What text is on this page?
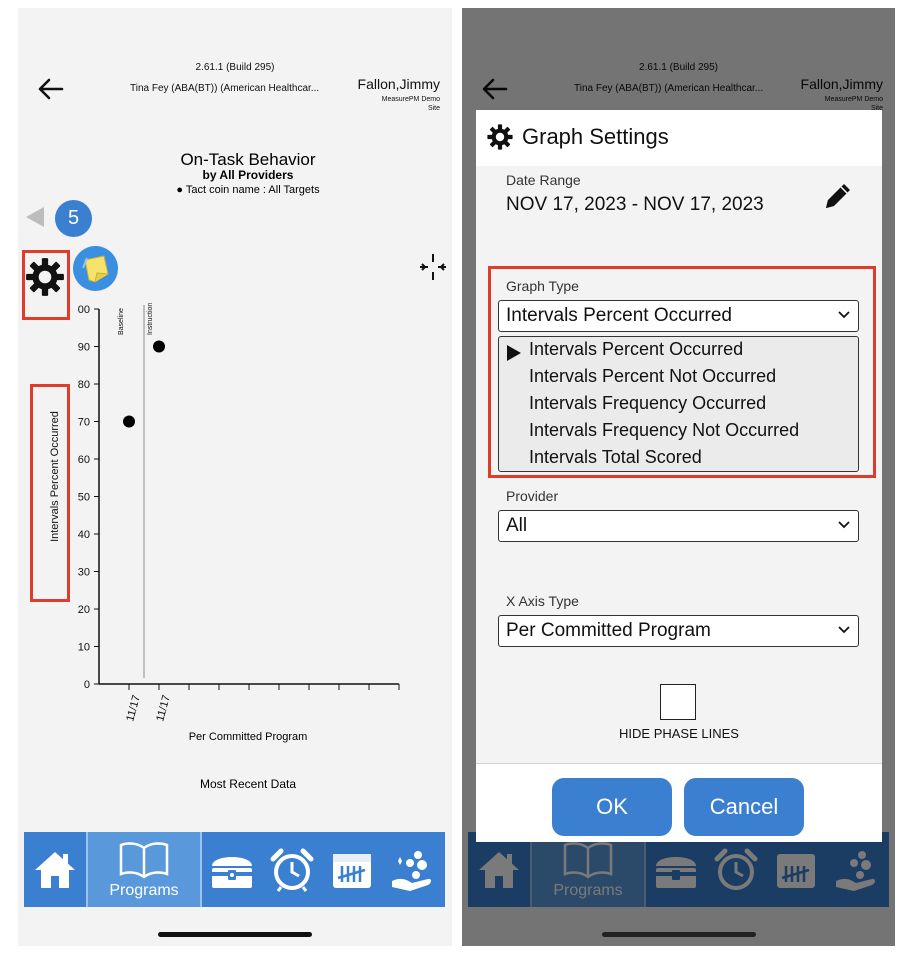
2.61.1 (Build 295)
Tina Fey (ABA(BT)) (American Healthcar...	Fallon,Jimmy
MeasurePM Demo
Site
On-Task Behavior
by All Providers
● Tact coin name : All Targets
5
0
10
20
30
40
50
60
70
80
90
00
Intervals Percent Occurred
Baseline	Instruction
11/17 11/17
Per Committed Program
Most Recent Data
Programs
Graph Settings
Date Range
NOV 17, 2023 - NOV 17, 2023
Graph Type
Intervals Percent Occurred
Intervals Percent Occurred
Intervals Percent Not Occurred
Intervals Frequency Occurred
Intervals Frequency Not Occurred
Intervals Total Scored
Provider
All
X Axis Type
Per Committed Program
HIDE PHASE LINES
OK	Cancel
